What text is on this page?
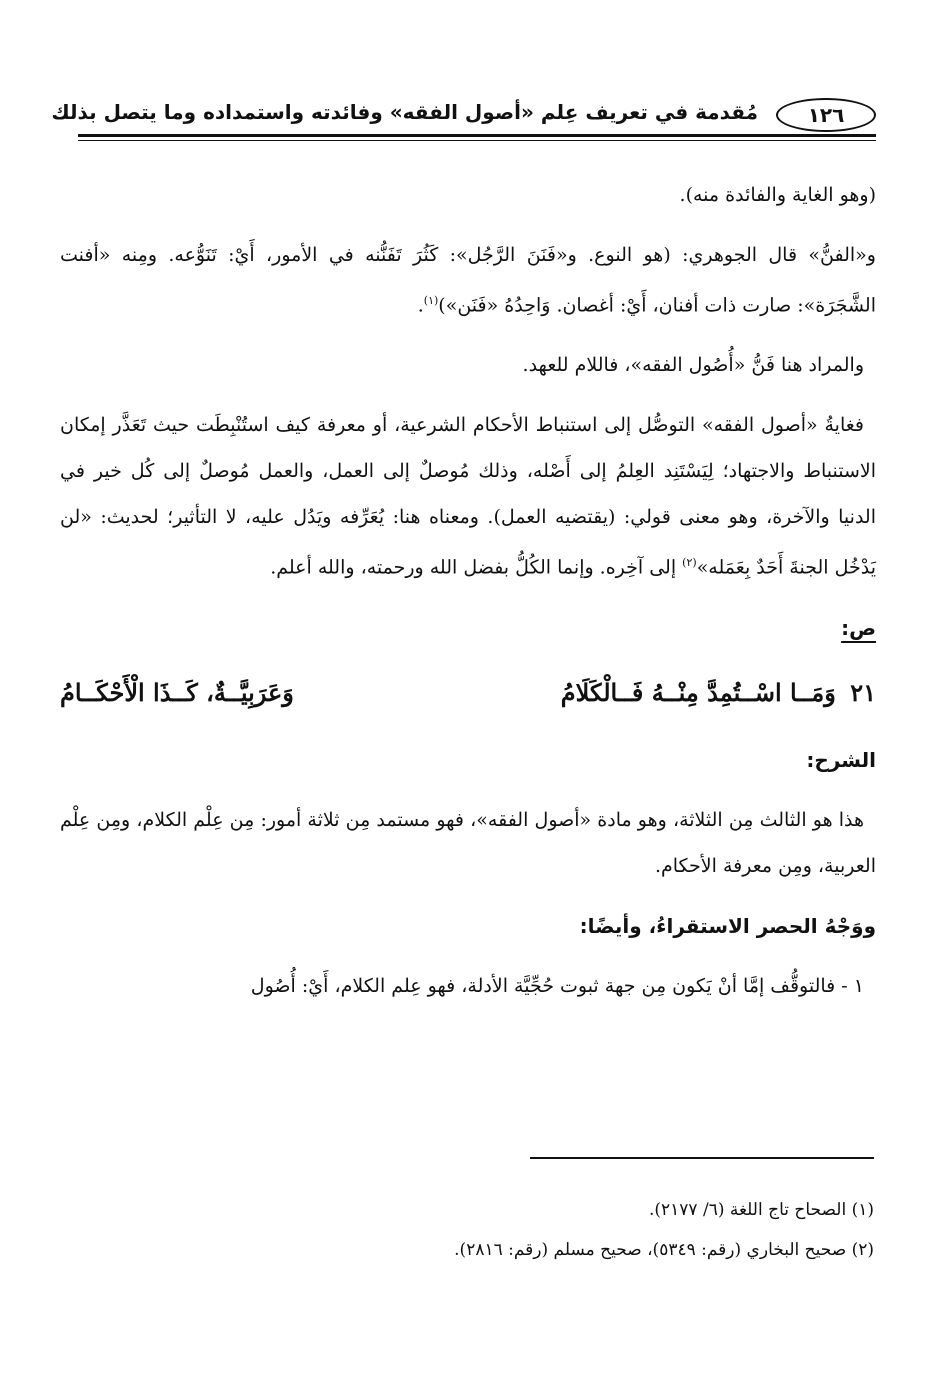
١٢٦
مُقدمة في تعريف عِلم «أصول الفقه» وفائدته واستمداده وما يتصل بذلك

(وهو الغاية والفائدة منه).

و«الفنُّ» قال الجوهري: (هو النوع. و«فَنَنَ الرَّجُل»: كَثُرَ تَفَنُّنه في الأمور، أَيْ: تَنَوُّعه. ومِنه «أفنت الشَّجَرَة»: صارت ذات أفنان، أَيْ: أغصان. وَاحِدُهُ «فَنَن»)$^{(١)}$.

والمراد هنا فَنُّ «أُصُول الفقه»، فاللام للعهد.

فغايةُ «أصول الفقه» التوصُّل إلى استنباط الأحكام الشرعية، أو معرفة كيف استُنْبِطَت حيث تَعَذَّر إمكان الاستنباط والاجتهاد؛ لِيَسْتَنِد العِلمُ إلى أَصْله، وذلك مُوصلٌ إلى العمل، والعمل مُوصلٌ إلى كُل خير في الدنيا والآخرة، وهو معنى قولي: (يقتضيه العمل). ومعناه هنا: يُعَرِّفه ويَدُل عليه، لا التأثير؛ لحديث: «لن يَدْخُل الجنةَ أَحَدٌ بِعَمَله»$^{(٢)}$ إلى آخِره. وإنما الكُلُّ بفضل الله ورحمته، والله أعلم.

ص:

٢١ وَمَــا اسْــتُمِدَّ مِنْــهُ فَــالْكَلَامُ
وَعَرَبِيَّــةٌ، كَــذَا الْأَحْكَــامُ

الشرح:

هذا هو الثالث مِن الثلاثة، وهو مادة «أصول الفقه»، فهو مستمد مِن ثلاثة أمور: مِن عِلْم الكلام، ومِن عِلْم العربية، ومِن معرفة الأحكام.

ووَجْهُ الحصر الاستقراءُ، وأيضًا:

١ - فالتوقُّف إمَّا أنْ يَكون مِن جهة ثبوت حُجِّيَّة الأدلة، فهو عِلم الكلام، أَيْ: أُصُول

(١) الصحاح تاج اللغة (٦/ ٢١٧٧).
(٢) صحيح البخاري (رقم: ٥٣٤٩)، صحيح مسلم (رقم: ٢٨١٦).
